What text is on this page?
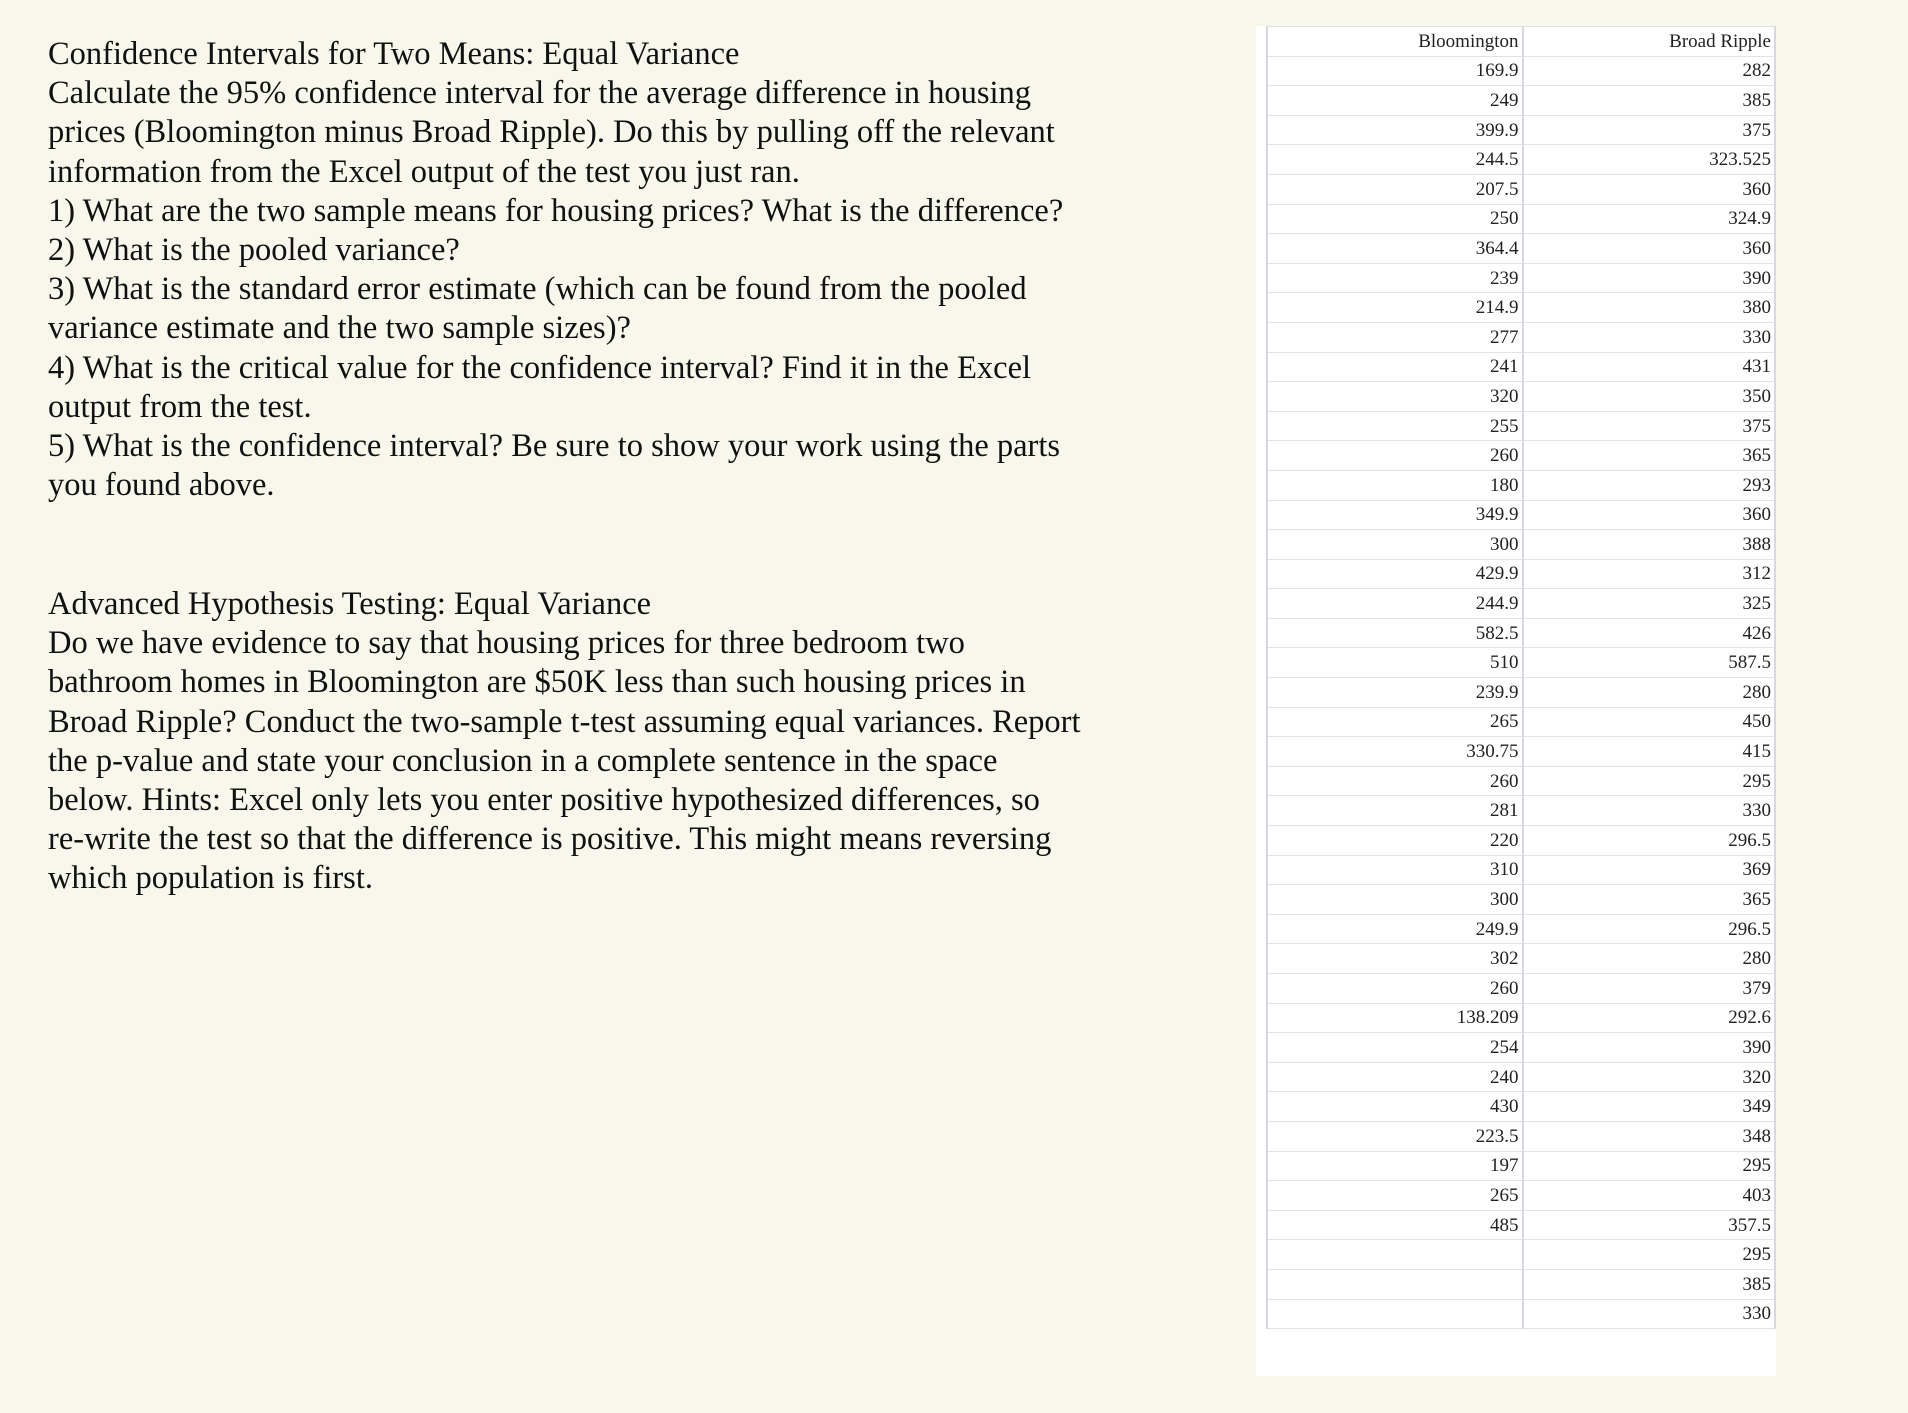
Confidence Intervals for Two Means: Equal Variance
Calculate the 95% confidence interval for the average difference in housing
prices (Bloomington minus Broad Ripple). Do this by pulling off the relevant
information from the Excel output of the test you just ran.
1) What are the two sample means for housing prices? What is the difference?
2) What is the pooled variance?
3) What is the standard error estimate (which can be found from the pooled
variance estimate and the two sample sizes)?
4) What is the critical value for the confidence interval? Find it in the Excel
output from the test.
5) What is the confidence interval? Be sure to show your work using the parts
you found above.
Advanced Hypothesis Testing: Equal Variance
Do we have evidence to say that housing prices for three bedroom two
bathroom homes in Bloomington are $50K less than such housing prices in
Broad Ripple? Conduct the two-sample t-test assuming equal variances. Report
the p-value and state your conclusion in a complete sentence in the space
below. Hints: Excel only lets you enter positive hypothesized differences, so
re-write the test so that the difference is positive. This might means reversing
which population is first.
Bloomington	Broad Ripple
169.9	282
249	385
399.9	375
244.5	323.525
207.5	360
250	324.9
364.4	360
239	390
214.9	380
277	330
241	431
320	350
255	375
260	365
180	293
349.9	360
300	388
429.9	312
244.9	325
582.5	426
510	587.5
239.9	280
265	450
330.75	415
260	295
281	330
220	296.5
310	369
300	365
249.9	296.5
302	280
260	379
138.209	292.6
254	390
240	320
430	349
223.5	348
197	295
265	403
485	357.5
	295
	385
	330
